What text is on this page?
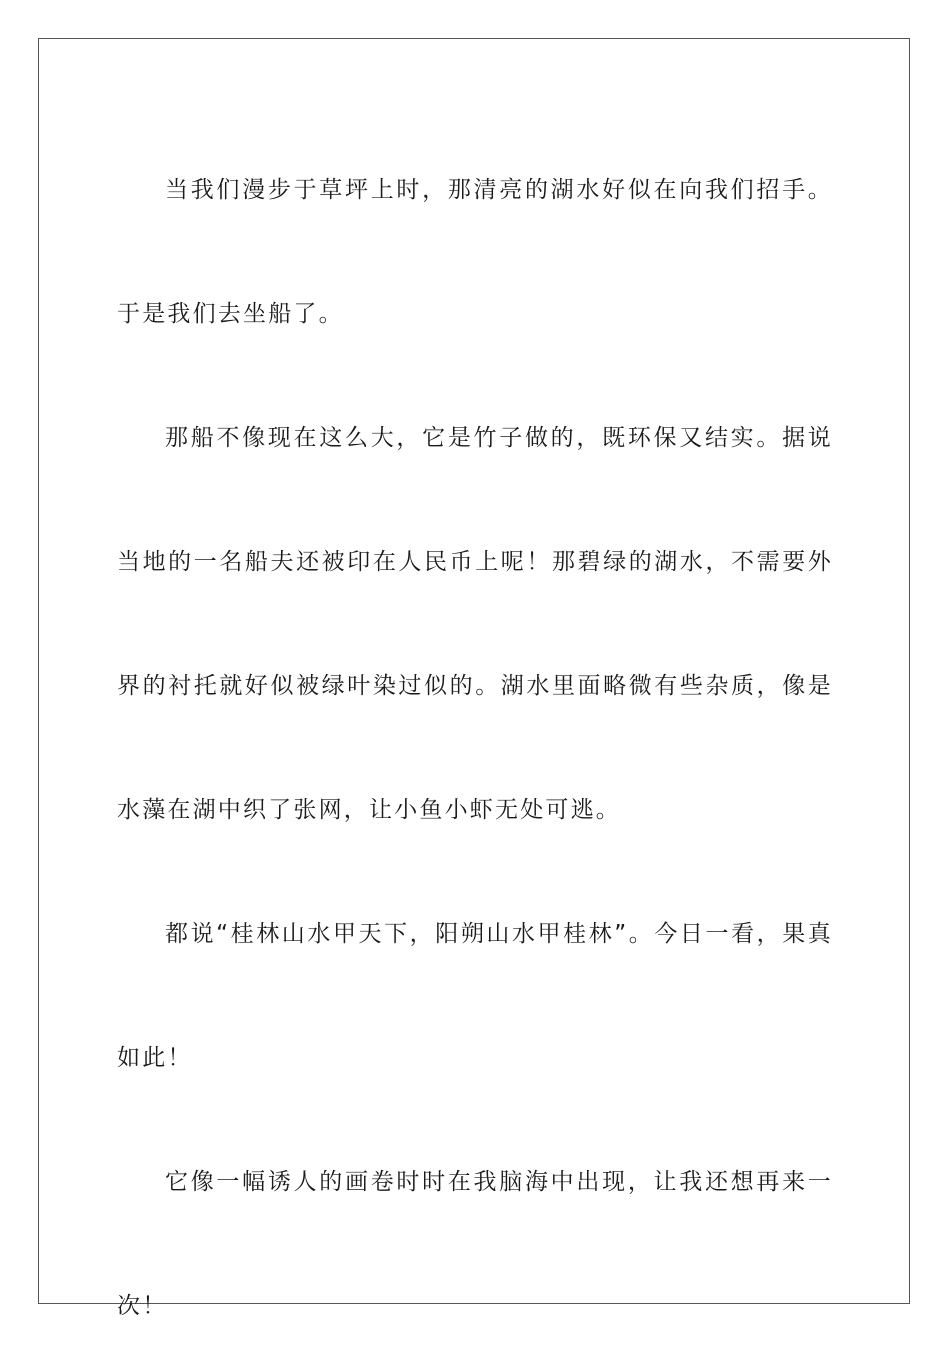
当我们漫步于草坪上时，那清亮的湖水好似在向我们招手。于是我们去坐船了。

那船不像现在这么大，它是竹子做的，既环保又结实。据说当地的一名船夫还被印在人民币上呢！那碧绿的湖水，不需要外界的衬托就好似被绿叶染过似的。湖水里面略微有些杂质，像是水藻在湖中织了张网，让小鱼小虾无处可逃。

都说“桂林山水甲天下，阳朔山水甲桂林”。今日一看，果真如此！

它像一幅诱人的画卷时时在我脑海中出现，让我还想再来一次！
